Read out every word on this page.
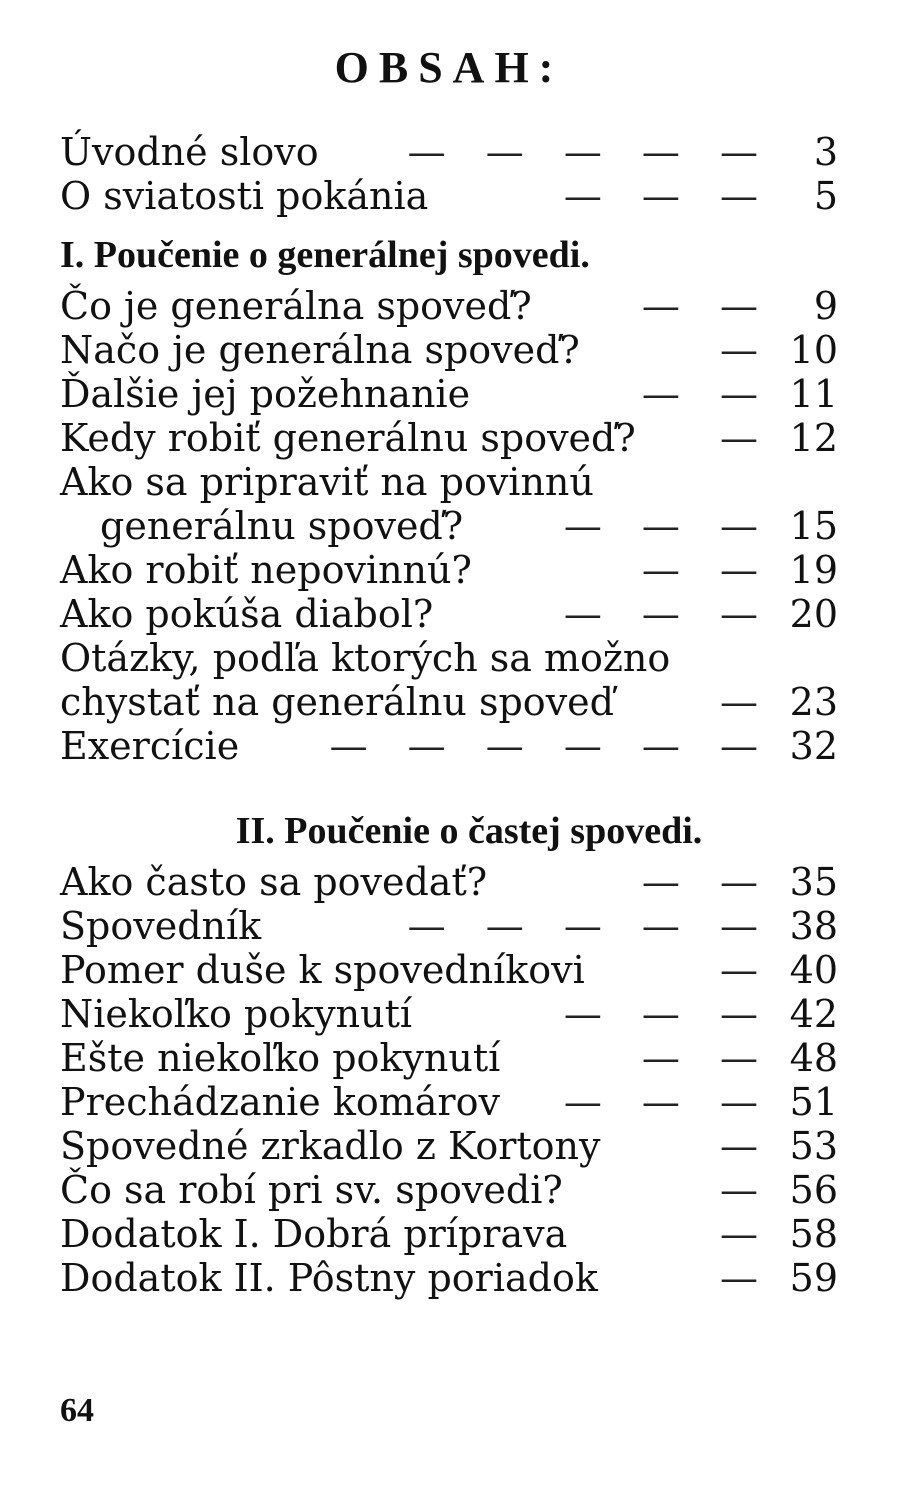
OBSAH:
Úvodné slovo	— — — — —	3
O sviatosti pokánia	— — —	5
I. Poučenie o generálnej spovedi.
Čo je generálna spoveď?	— —	9
Načo je generálna spoveď?	— 10
Ďalšie jej požehnanie	— — 11
Kedy robiť generálnu spoveď?	— 12
Ako sa pripraviť na povinnú
generálnu spoveď?	— — — 15
Ako robiť nepovinnú?	— — 19
Ako pokúša diabol?	— — — 20
Otázky, podľa ktorých sa možno
chystať na generálnu spoveď	— 23
Exercície	— — — — — — 32
II. Poučenie o častej spovedi.
Ako často sa povedať?	— — 35
Spovedník	— — — — — 38
Pomer duše k spovedníkovi	— 40
Niekoľko pokynutí	— — — 42
Ešte niekoľko pokynutí	— — 48
Prechádzanie komárov	— — — 51
Spovedné zrkadlo z Kortony	— 53
Čo sa robí pri sv. spovedi?	— 56
Dodatok I. Dobrá príprava	— 58
Dodatok II. Pôstny poriadok	— 59
64
